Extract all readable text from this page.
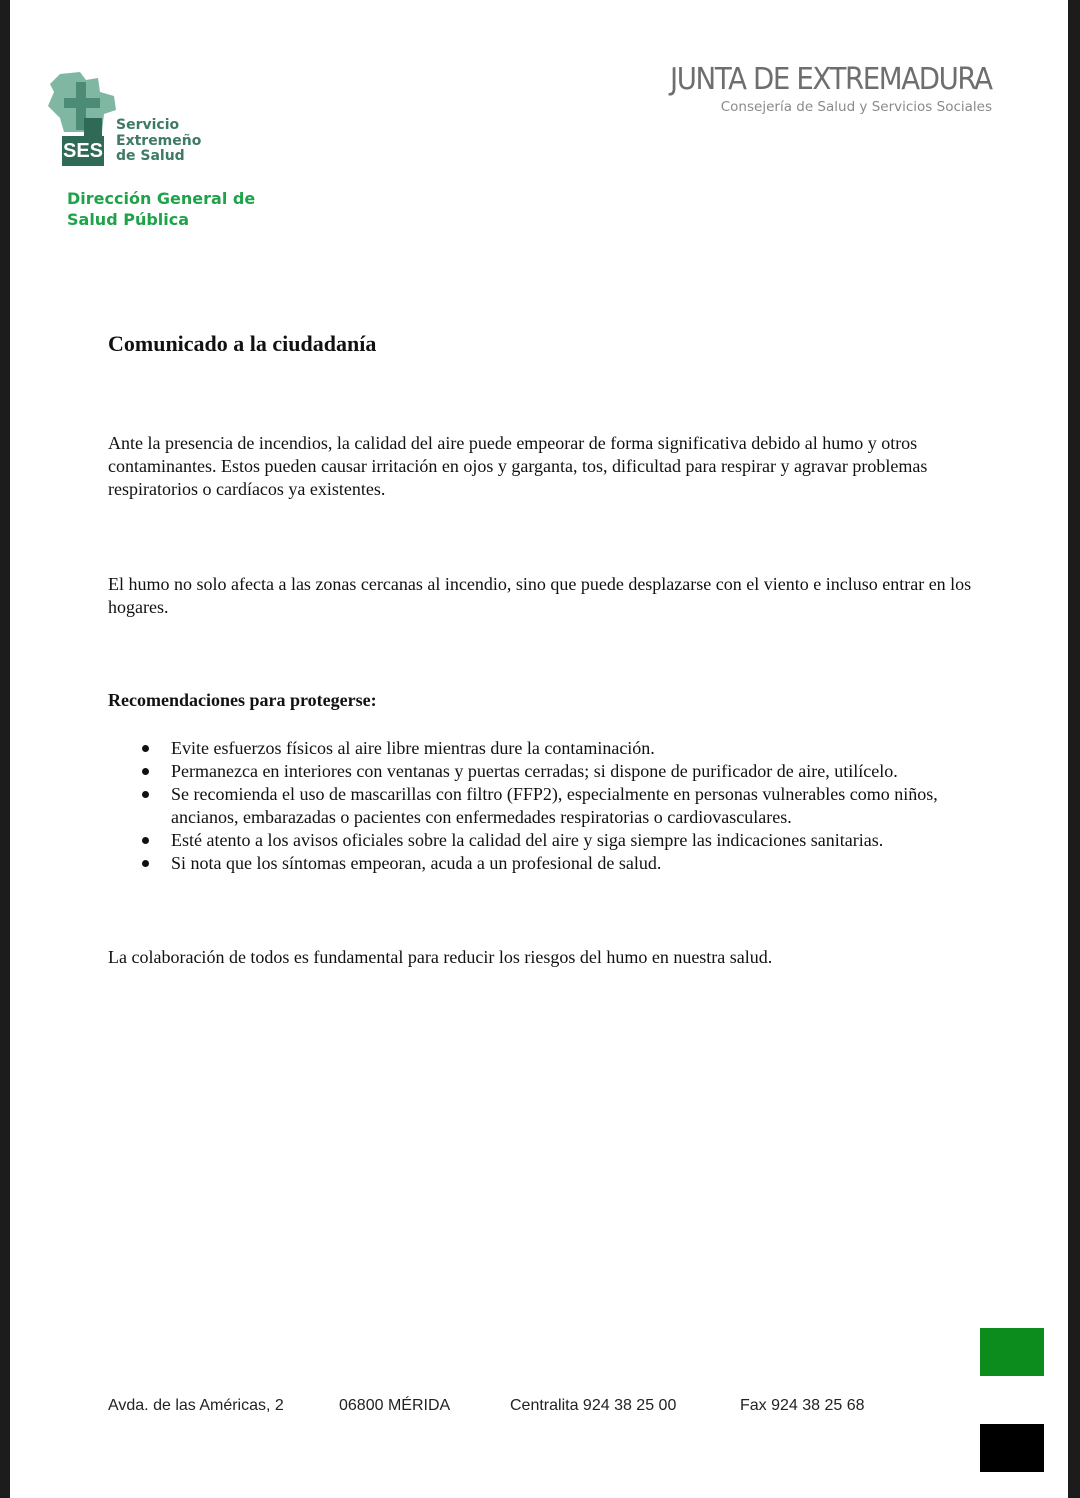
SES
Servicio
Extremeño
de Salud
Dirección General de
Salud Pública
JUNTA DE EXTREMADURA
Consejería de Salud y Servicios Sociales
Comunicado a la ciudadanía
Ante la presencia de incendios, la calidad del aire puede empeorar de forma significativa debido al humo y otros contaminantes. Estos pueden causar irritación en ojos y garganta, tos, dificultad para respirar y agravar problemas respiratorios o cardíacos ya existentes.
El humo no solo afecta a las zonas cercanas al incendio, sino que puede desplazarse con el viento e incluso entrar en los hogares.
Recomendaciones para protegerse:
Evite esfuerzos físicos al aire libre mientras dure la contaminación.
Permanezca en interiores con ventanas y puertas cerradas; si dispone de purificador de aire, utilícelo.
Se recomienda el uso de mascarillas con filtro (FFP2), especialmente en personas vulnerables como niños, ancianos, embarazadas o pacientes con enfermedades respiratorias o cardiovasculares.
Esté atento a los avisos oficiales sobre la calidad del aire y siga siempre las indicaciones sanitarias.
Si nota que los síntomas empeoran, acuda a un profesional de salud.
La colaboración de todos es fundamental para reducir los riesgos del humo en nuestra salud.
Avda. de las Américas, 2	06800 MÉRIDA	Centralita 924 38 25 00	Fax 924 38 25 68
